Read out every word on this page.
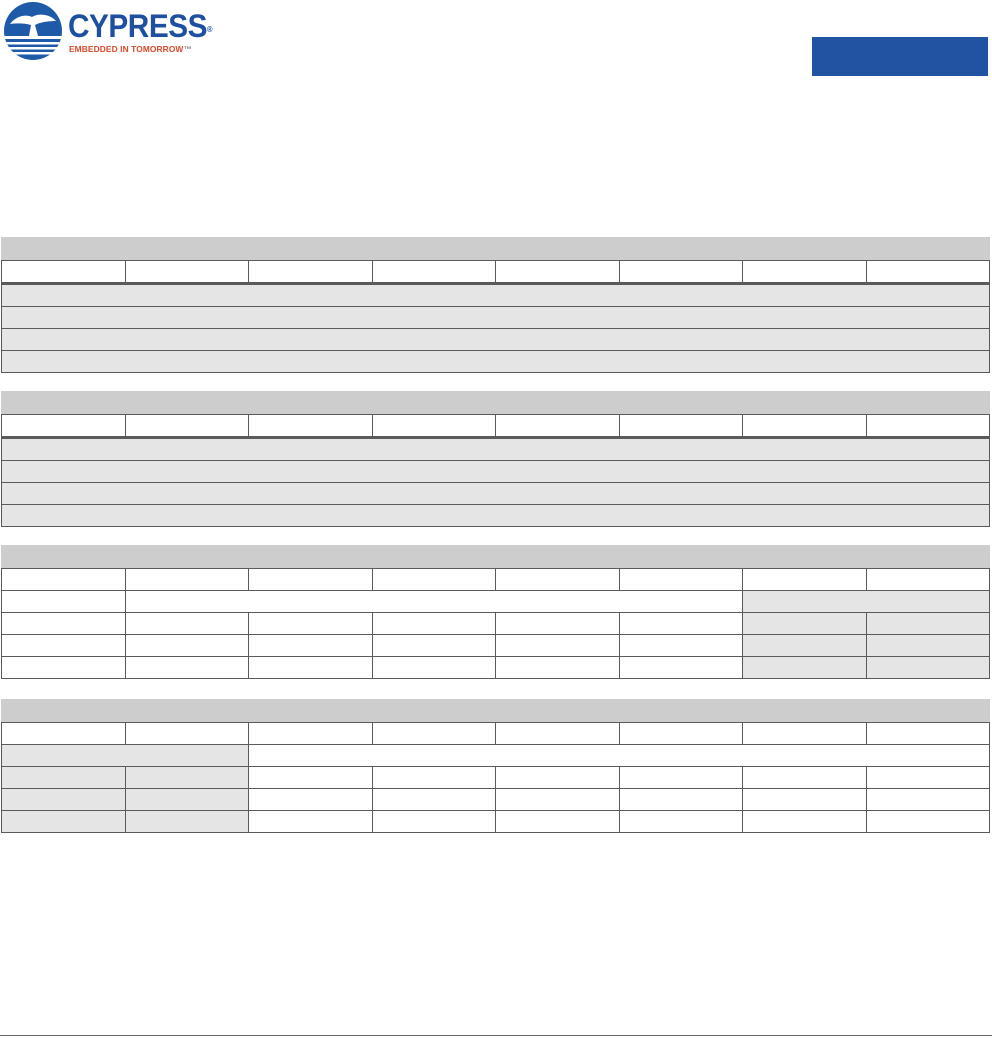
CYPRESS®
EMBEDDED IN TOMORROW™
